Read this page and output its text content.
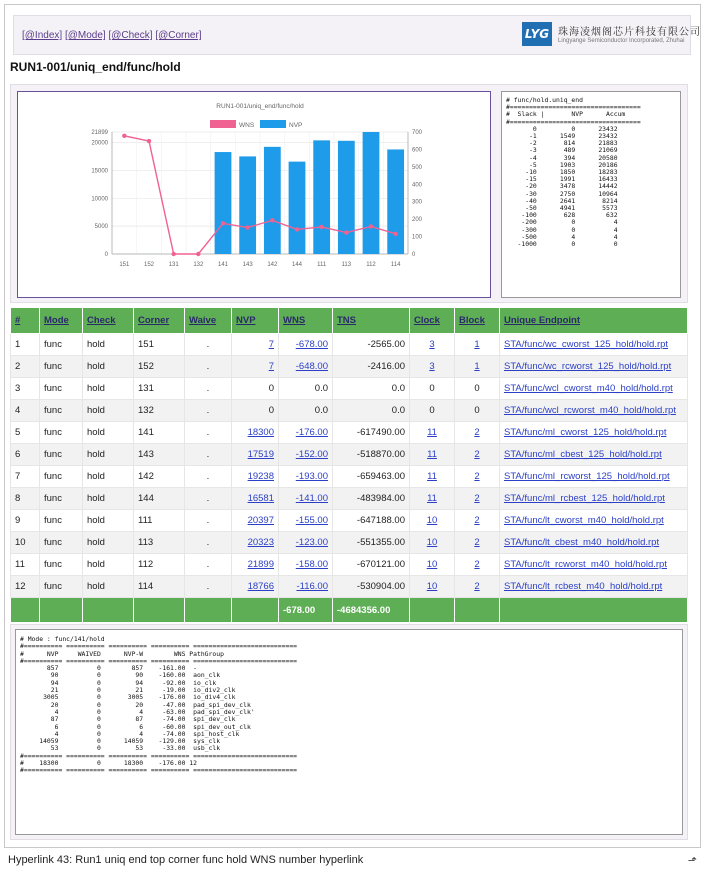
[@Index] [@Mode] [@Check] [@Corner]	LYG 珠海凌烟阁芯片科技有限公司
Lingyange Semiconductor Incorporated, Zhuhai
RUN1-001/uniq_end/func/hold
RUN1-001/uniq_end/func/hold
WNS	NVP
0
5000
10000
15000
20000
21899
0
100
200
300
400
500
600
700
151 152 131 132 141 143 142 144	111	113	112	114
# func/hold.uniq_end
#==================================
#  Slack |       NVP      Accum
#==================================
0         0      23432
-1      1549      23432
-2       814      21883
-3       489      21069
-4       394      20580
-5      1903      20186
-10      1850      18283
-15      1991      16433
-20      3478      14442
-30      2750      10964
-40      2641       8214
-50      4941       5573
-100       628        632
-200         0          4
-300         0          4
-500         4          4
-1000         0          0
#	Mode	Check	Corner	Waive	NVP	WNS	TNS	Clock	Block	Unique Endpoint
1	func	hold	151	.	7	-678.00	-2565.00	3	1	STA/func/wc_cworst_125_hold/hold.rpt
2	func	hold	152	.	7	-648.00	-2416.00	3	1	STA/func/wc_rcworst_125_hold/hold.rpt
3	func	hold	131	.	0	0.0	0.0	0	0	STA/func/wcl_cworst_m40_hold/hold.rpt
4	func	hold	132	.	0	0.0	0.0	0	0	STA/func/wcl_rcworst_m40_hold/hold.rpt
5	func	hold	141	.	18300	-176.00	-617490.00	11	2	STA/func/ml_cworst_125_hold/hold.rpt
6	func	hold	143	.	17519	-152.00	-518870.00	11	2	STA/func/ml_cbest_125_hold/hold.rpt
7	func	hold	142	.	19238	-193.00	-659463.00	11	2	STA/func/ml_rcworst_125_hold/hold.rpt
8	func	hold	144	.	16581	-141.00	-483984.00	11	2	STA/func/ml_rcbest_125_hold/hold.rpt
9	func	hold	111	.	20397	-155.00	-647188.00	10	2	STA/func/lt_cworst_m40_hold/hold.rpt
10	func	hold	113	.	20323	-123.00	-551355.00	10	2	STA/func/lt_cbest_m40_hold/hold.rpt
11	func	hold	112	.	21899	-158.00	-670121.00	10	2	STA/func/lt_rcworst_m40_hold/hold.rpt
12	func	hold	114	.	18766	-116.00	-530904.00	10	2	STA/func/lt_rcbest_m40_hold/hold.rpt
						-678.00	-4684356.00			
# Mode : func/141/hold
#========== ========== ========== ========== ===========================
#      NVP     WAIVED      NVP-W        WNS PathGroup
#========== ========== ========== ========== ===========================
857          0        857    -161.00  -
90          0         90    -160.00  aon_clk
94          0         94     -92.00  io_clk
21          0         21     -19.00  io_div2_clk
3005          0       3005    -176.00  io_div4_clk
20          0         20     -47.00  pad_spi_dev_clk
4          0          4     -63.00  pad_spi_dev_clk'
87          0         87     -74.00  spi_dev_clk
6          0          6     -60.00  spi_dev_out_clk
4          0          4     -74.00  spi_host_clk
14059          0      14059    -129.00  sys_clk
53          0         53     -33.00  usb_clk
#========== ========== ========== ========== ===========================
#    18300          0      18300    -176.00 12
#========== ========== ========== ========== ===========================
Hyperlink 43: Run1 uniq end top corner func hold WNS number hyperlink	⬏
